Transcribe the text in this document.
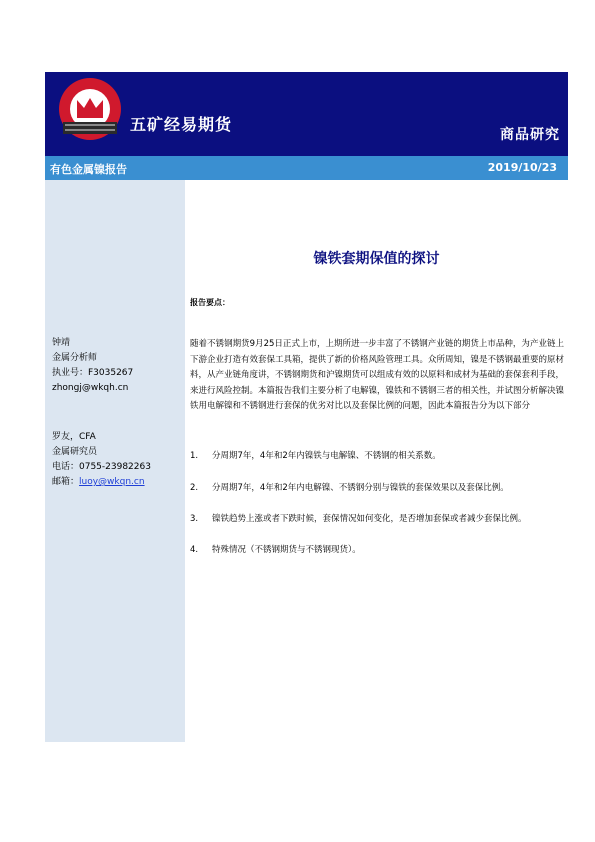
五矿经易期货
商品研究
有色金属镍报告	2019/10/23
钟靖
金属分析师
执业号：F3035267
zhongj@wkqh.cn
罗友，CFA
金属研究员
电话：0755-23982263
邮箱：luoy@wkqn.cn
镍铁套期保值的探讨
报告要点：
随着不锈钢期货9月25日正式上市，上期所进一步丰富了不锈钢产业链的期货上市品种，为产业链上下游企业打造有效套保工具箱，提供了新的价格风险管理工具。众所周知，镍是不锈钢最重要的原材料，从产业链角度讲，不锈钢期货和沪镍期货可以组成有效的以原料和成材为基础的套保套利手段，来进行风险控制。本篇报告我们主要分析了电解镍，镍铁和不锈钢三者的相关性，并试图分析解决镍铁用电解镍和不锈钢进行套保的优劣对比以及套保比例的问题，因此本篇报告分为以下部分
1. 分周期7年，4年和2年内镍铁与电解镍、不锈钢的相关系数。
2. 分周期7年，4年和2年内电解镍、不锈钢分别与镍铁的套保效果以及套保比例。
3. 镍铁趋势上涨或者下跌时候，套保情况如何变化，是否增加套保或者减少套保比例。
4. 特殊情况（不锈钢期货与不锈钢现货）。
